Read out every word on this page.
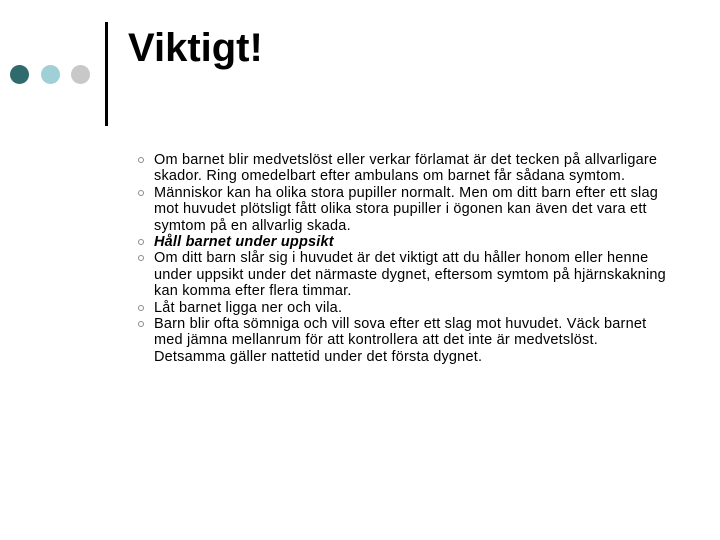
Viktigt!
Om barnet blir medvetslöst eller verkar förlamat är det tecken på allvarligare skador. Ring omedelbart efter ambulans om barnet får sådana symtom.
Människor kan ha olika stora pupiller normalt. Men om ditt barn efter ett slag mot huvudet plötsligt fått olika stora pupiller i ögonen kan även det vara ett symtom på en allvarlig skada.
Håll barnet under uppsikt
Om ditt barn slår sig i huvudet är det viktigt att du håller honom eller henne under uppsikt under det närmaste dygnet, eftersom symtom på hjärnskakning kan komma efter flera timmar.
Låt barnet ligga ner och vila.
Barn blir ofta sömniga och vill sova efter ett slag mot huvudet. Väck barnet med jämna mellanrum för att kontrollera att det inte är medvetslöst. Detsamma gäller nattetid under det första dygnet.
